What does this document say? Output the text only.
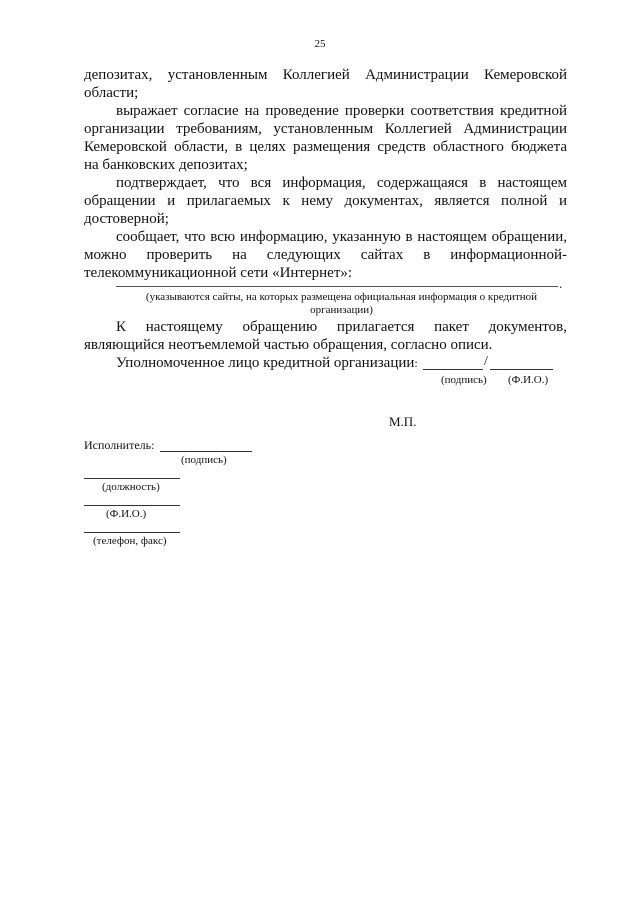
25
депозитах, установленным Коллегией Администрации Кемеровской
области;
выражает согласие на проведение проверки соответствия кредитной
организации требованиям, установленным Коллегией Администрации
Кемеровской области, в целях размещения средств областного бюджета
на банковских депозитах;
подтверждает, что вся информация, содержащаяся в настоящем
обращении и прилагаемых к нему документах, является полной и
достоверной;
сообщает, что всю информацию, указанную в настоящем обращении,
можно проверить на следующих сайтах в информационной-
телекоммуникационной сети «Интернет»:
.
(указываются сайты, на которых размещена официальная информация о кредитной
организации)
К настоящему обращению прилагается пакет документов,
являющийся неотъемлемой частью обращения, согласно описи.
Уполномоченное лицо кредитной организации:	/
(подпись) (Ф.И.О.)
М.П.
Исполнитель:
(подпись)
(должность)
(Ф.И.О.)
(телефон, факс)
